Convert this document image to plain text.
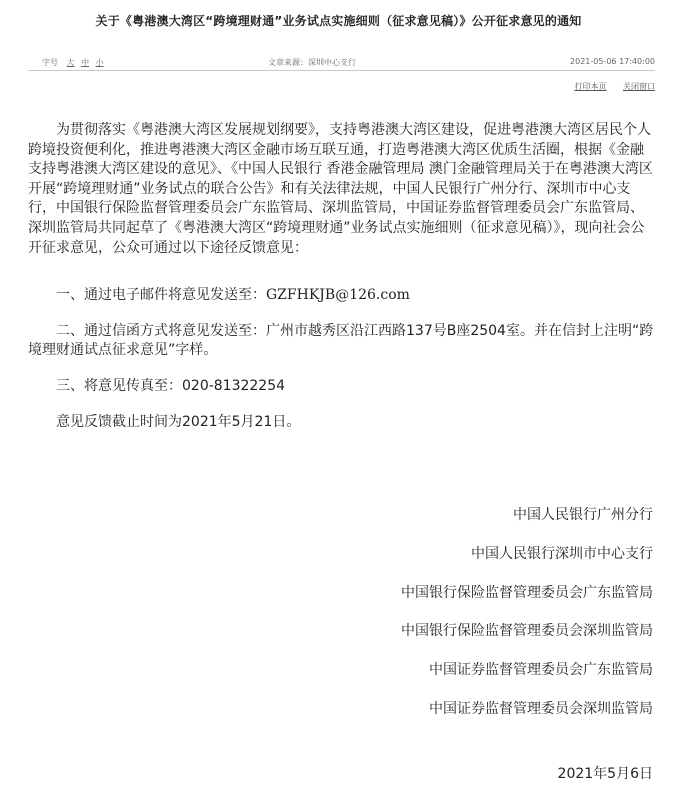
关于《粤港澳大湾区“跨境理财通”业务试点实施细则（征求意见稿）》公开征求意见的通知
字号 大 中 小	文章来源：深圳中心支行	2021-05-06 17:40:00
打印本页 关闭窗口

为贯彻落实《粤港澳大湾区发展规划纲要》，支持粤港澳大湾区建设，促进粤港澳大湾区居民个人跨境投资便利化，推进粤港澳大湾区金融市场互联互通，打造粤港澳大湾区优质生活圈，根据《金融支持粤港澳大湾区建设的意见》、《中国人民银行 香港金融管理局 澳门金融管理局关于在粤港澳大湾区开展“跨境理财通”业务试点的联合公告》和有关法律法规，中国人民银行广州分行、深圳市中心支行，中国银行保险监督管理委员会广东监管局、深圳监管局，中国证券监督管理委员会广东监管局、深圳监管局共同起草了《粤港澳大湾区“跨境理财通”业务试点实施细则（征求意见稿）》，现向社会公开征求意见，公众可通过以下途径反馈意见：

一、通过电子邮件将意见发送至：GZFHKJB@126.com

二、通过信函方式将意见发送至：广州市越秀区沿江西路137号B座2504室。并在信封上注明“跨境理财通试点征求意见”字样。

三、将意见传真至：020-81322254

意见反馈截止时间为2021年5月21日。

中国人民银行广州分行
中国人民银行深圳市中心支行
中国银行保险监督管理委员会广东监管局
中国银行保险监督管理委员会深圳监管局
中国证券监督管理委员会广东监管局
中国证券监督管理委员会深圳监管局
2021年5月6日
